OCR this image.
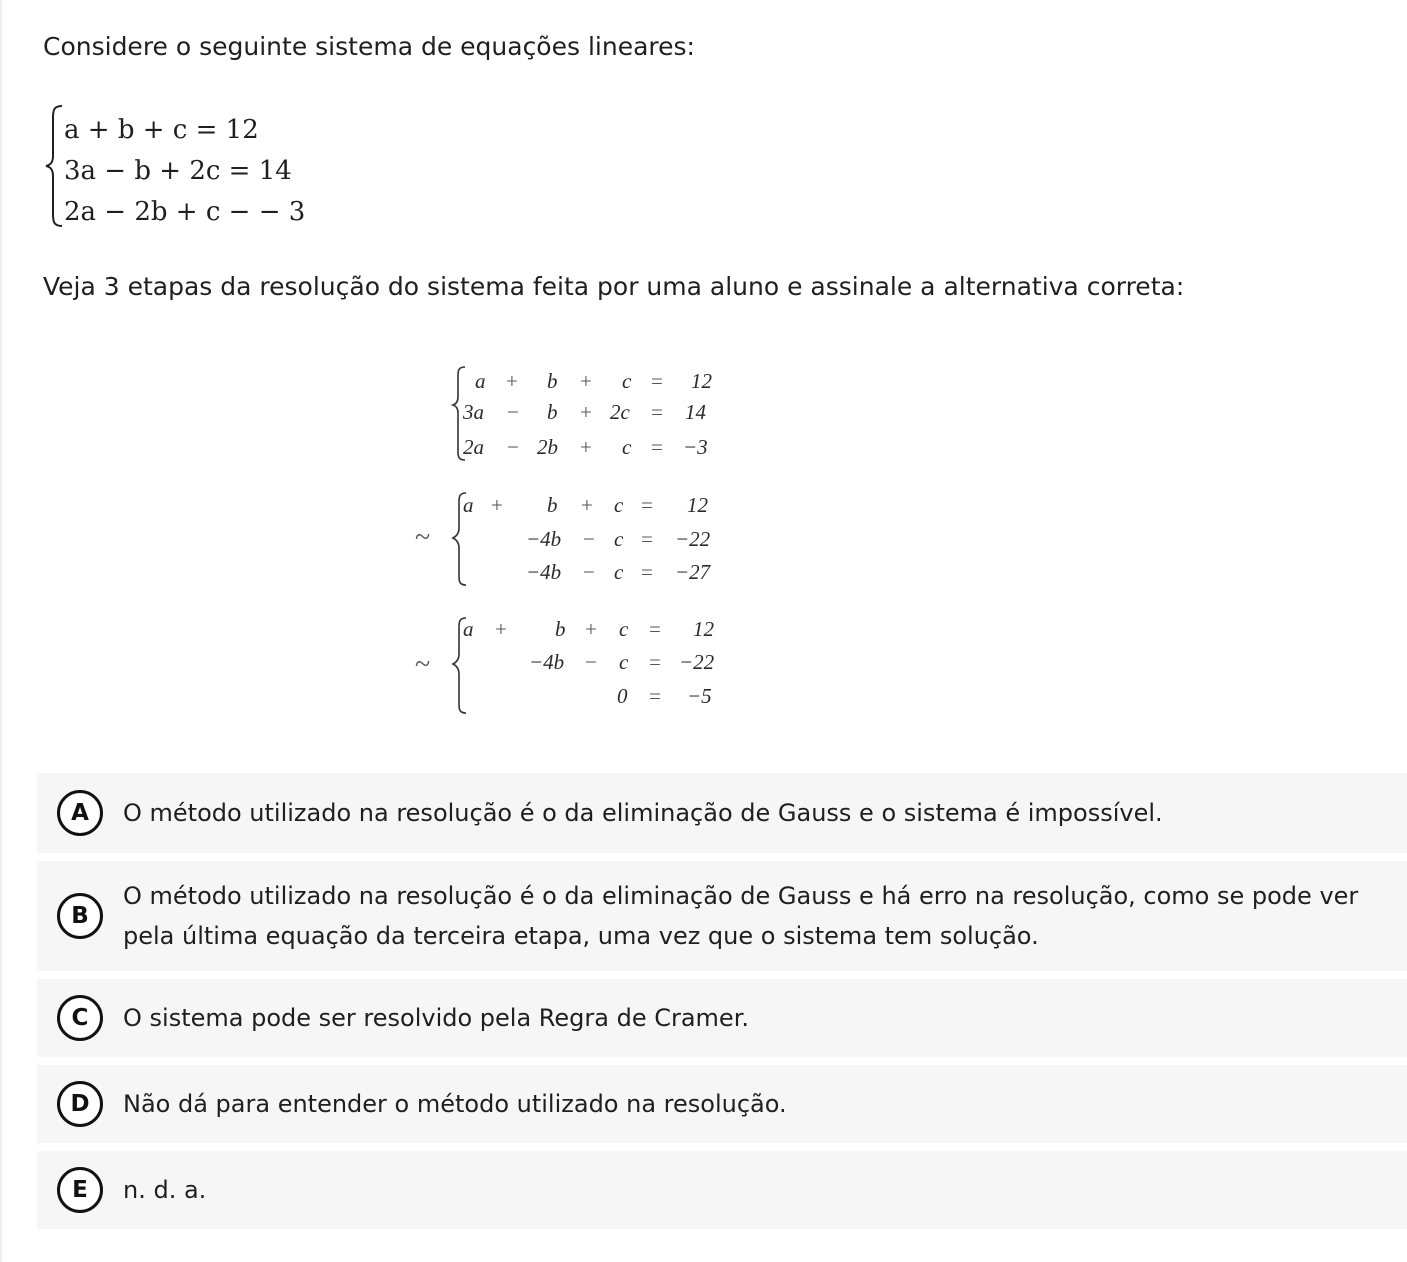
Considere o seguinte sistema de equações lineares:

a + b + c = 12
3a − b + 2c = 14
2a − 2b + c − − 3

Veja 3 etapas da resolução do sistema feita por uma aluno e assinale a alternativa correta:

a + b + c = 12
3a − b + 2c = 14
2a − 2b + c = −3
~
a + b + c = 12
−4b − c = −22
−4b − c = −27
~
a + b + c = 12
−4b − c = −22
0 = −5
A	O método utilizado na resolução é o da eliminação de Gauss e o sistema é impossível.
B
O método utilizado na resolução é o da eliminação de Gauss e há erro na resolução, como se pode ver pela última equação da terceira etapa, uma vez que o sistema tem solução.
C	O sistema pode ser resolvido pela Regra de Cramer.
D	Não dá para entender o método utilizado na resolução.
E	n. d. a.
